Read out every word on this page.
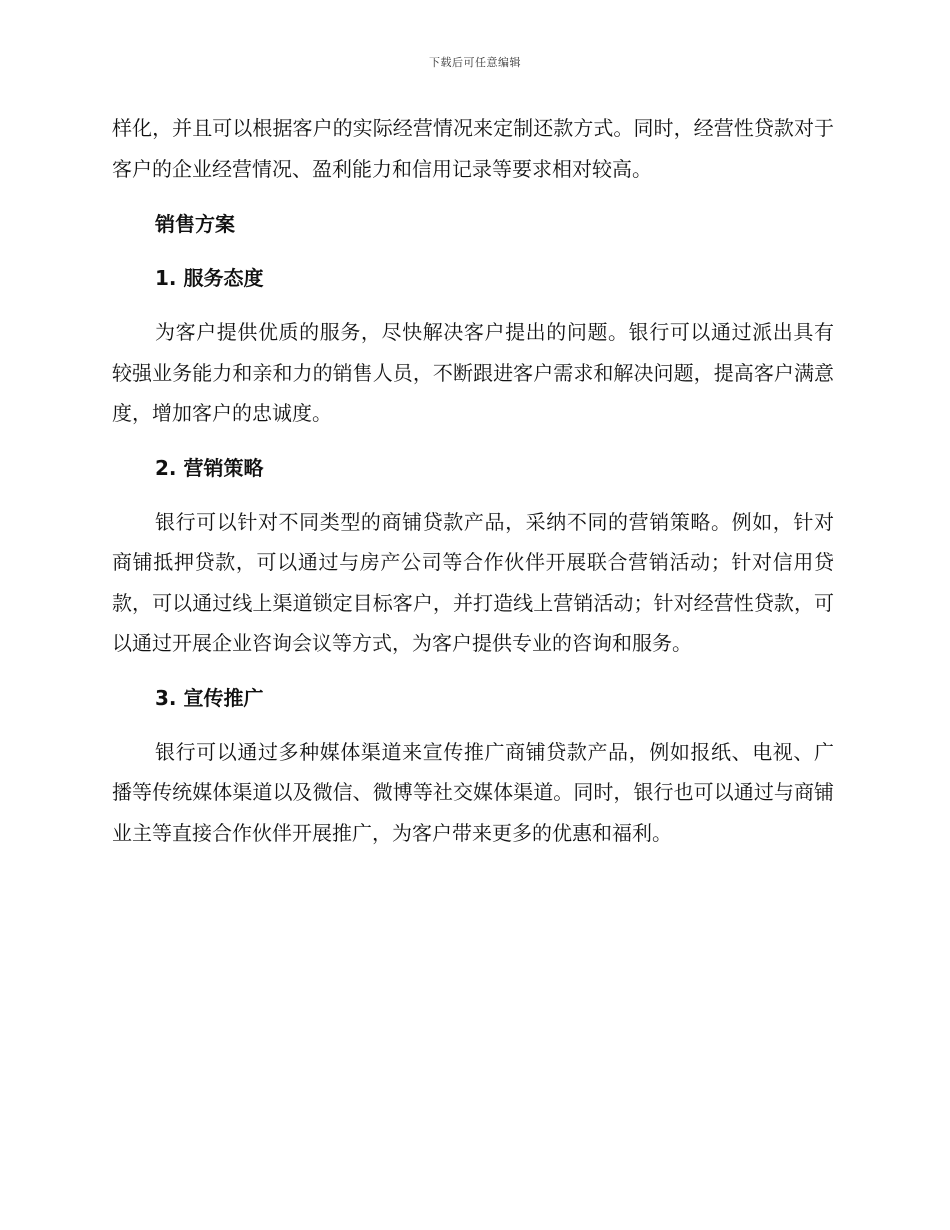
下载后可任意编辑

样化，并且可以根据客户的实际经营情况来定制还款方式。同时，经营性贷款对于客户的企业经营情况、盈利能力和信用记录等要求相对较高。

销售方案
1. 服务态度

为客户提供优质的服务，尽快解决客户提出的问题。银行可以通过派出具有较强业务能力和亲和力的销售人员，不断跟进客户需求和解决问题，提高客户满意度，增加客户的忠诚度。

2. 营销策略

银行可以针对不同类型的商铺贷款产品，采纳不同的营销策略。例如，针对商铺抵押贷款，可以通过与房产公司等合作伙伴开展联合营销活动；针对信用贷款，可以通过线上渠道锁定目标客户，并打造线上营销活动；针对经营性贷款，可以通过开展企业咨询会议等方式，为客户提供专业的咨询和服务。

3. 宣传推广

银行可以通过多种媒体渠道来宣传推广商铺贷款产品，例如报纸、电视、广播等传统媒体渠道以及微信、微博等社交媒体渠道。同时，银行也可以通过与商铺业主等直接合作伙伴开展推广，为客户带来更多的优惠和福利。
